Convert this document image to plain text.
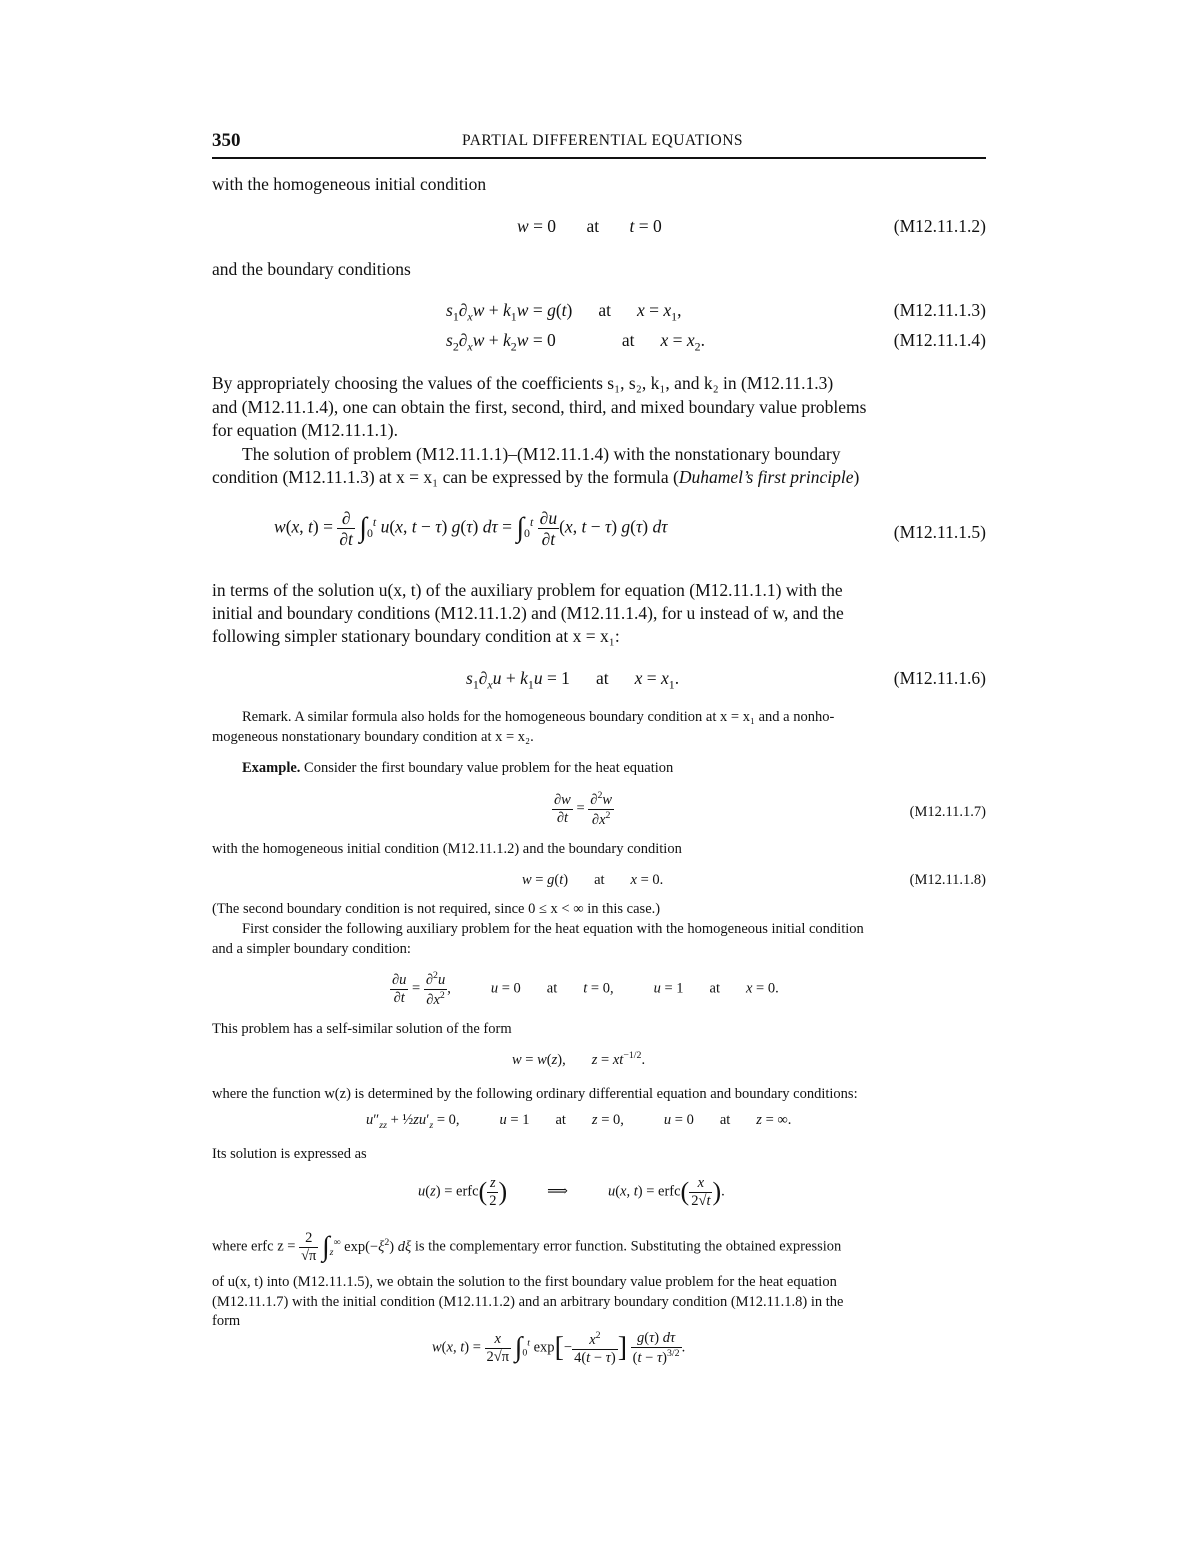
350	PARTIAL DIFFERENTIAL EQUATIONS
with the homogeneous initial condition
w = 0 at t = 0	(M12.11.1.2)
and the boundary conditions
$s_1\partial_xw + k_1w = g(t)$ at $x = x_1$,	(M12.11.1.3)
$s_2\partial_xw + k_2w = 0$	at $x = x_2$.	(M12.11.1.4)
By appropriately choosing the values of the coefficients s₁, s₂, k₁, and k₂ in (M12.11.1.3)
and (M12.11.1.4), one can obtain the first, second, third, and mixed boundary value problems
for equation (M12.11.1.1).
The solution of problem (M12.11.1.1)–(M12.11.1.4) with the nonstationary boundary
condition (M12.11.1.3) at x = x₁ can be expressed by the formula (Duhamel’s first principle)
w(x, $t) = \frac{\partial}{\partial t} \int_0^t$ u(x, t − τ) g(τ) $d\tau = \int_0^t \frac{\partial u}{\partial t} (x$, t − τ) g(τ) dτ	(M12.11.1.5)
in terms of the solution u(x, t) of the auxiliary problem for equation (M12.11.1.1) with the
initial and boundary conditions (M12.11.1.2) and (M12.11.1.4), for u instead of w, and the
following simpler stationary boundary condition at x = x₁:
$s_1\partial_xu + k_1u = 1$ at $x = x_1$.	(M12.11.1.6)
Remark. A similar formula also holds for the homogeneous boundary condition at x = x₁ and a nonho-
mogeneous nonstationary boundary condition at x = x₂.
Example. Consider the first boundary value problem for the heat equation
$\frac{\partial w}{\partial t} = \frac{\partial^2w}{\partial x^2}$	(M12.11.1.7)
with the homogeneous initial condition (M12.11.1.2) and the boundary condition
w = g(t) at x = 0.	(M12.11.1.8)
(The second boundary condition is not required, since 0 ≤ x < ∞ in this case.)
First consider the following auxiliary problem for the heat equation with the homogeneous initial condition
and a simpler boundary condition:
$\frac{\partial u}{\partial t} = \frac{\partial^2u}{\partial x^2}$ ,	u = 0 at t = 0,	u = 1 at x = 0.
This problem has a self-similar solution of the form
w = w(z), $z = xt^{-1/2}$.
where the function w(z) is determined by the following ordinary differential equation and boundary conditions:
$u''_{zz}$ + $\frac{1}{2}zu'_z = 0$,	u = 1 at z = 0,	u = 0 at z = ∞.
Its solution is expressed as
u(z) = erfc( $\frac{z}{2}$ )	⟹	u(x, t) = erfc( $\frac{x}{2√t}$ ).
where erfc $z = \frac{2}{√\pi} \int_z^\infty$ $\exp(-\xi^2)$ dξ is the complementary error function. Substituting the obtained expression
of u(x, t) into (M12.11.1.5), we obtain the solution to the first boundary value problem for the heat equation
(M12.11.1.7) with the initial condition (M12.11.1.2) and an arbitrary boundary condition (M12.11.1.8) in the
form
w(x, $t) = \frac{x}{2√\pi} \int_0^t$ $\exp[- \frac{x^2}{4(t - \tau)}$ ] $\frac{g(\tau) d\tau}{(t - \tau)^{3/2}}$ .
